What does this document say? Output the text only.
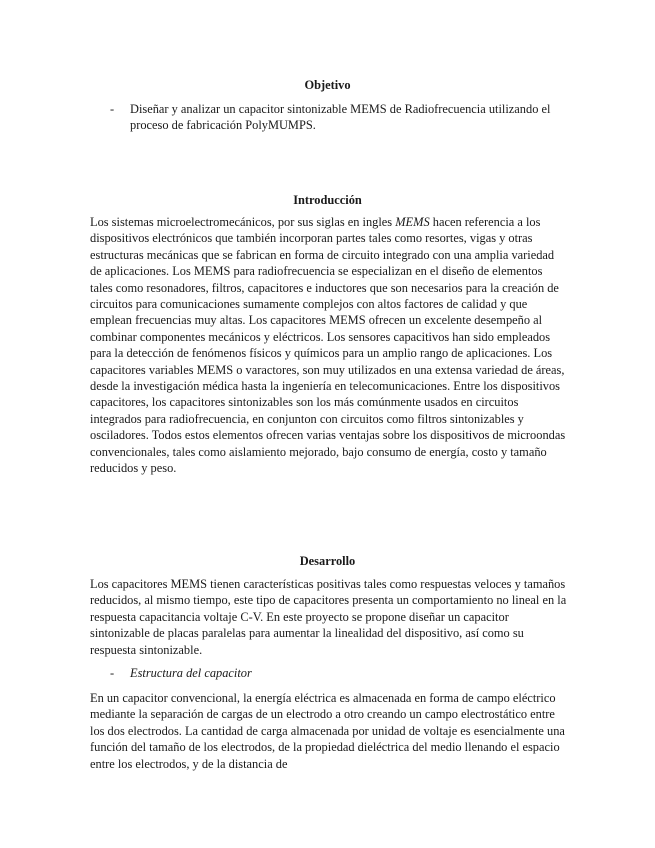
Objetivo
-	Diseñar y analizar un capacitor sintonizable MEMS de Radiofrecuencia utilizando el proceso de fabricación PolyMUMPS.
Introducción

Los sistemas microelectromecánicos, por sus siglas en ingles MEMS hacen referencia a los dispositivos electrónicos que también incorporan partes tales como resortes, vigas y otras estructuras mecánicas que se fabrican en forma de circuito integrado con una amplia variedad de aplicaciones. Los MEMS para radiofrecuencia se especializan en el diseño de elementos tales como resonadores, filtros, capacitores e inductores que son necesarios para la creación de circuitos para comunicaciones sumamente complejos con altos factores de calidad y que emplean frecuencias muy altas. Los capacitores MEMS ofrecen un excelente desempeño al combinar componentes mecánicos y eléctricos. Los sensores capacitivos han sido empleados para la detección de fenómenos físicos y químicos para un amplio rango de aplicaciones. Los capacitores variables MEMS o varactores, son muy utilizados en una extensa variedad de áreas, desde la investigación médica hasta la ingeniería en telecomunicaciones. Entre los dispositivos capacitores, los capacitores sintonizables son los más comúnmente usados en circuitos integrados para radiofrecuencia, en conjunton con circuitos como filtros sintonizables y osciladores. Todos estos elementos ofrecen varias ventajas sobre los dispositivos de microondas convencionales, tales como aislamiento mejorado, bajo consumo de energía, costo y tamaño reducidos y peso.

Desarrollo

Los capacitores MEMS tienen características positivas tales como respuestas veloces y tamaños reducidos, al mismo tiempo, este tipo de capacitores presenta un comportamiento no lineal en la respuesta capacitancia voltaje C-V. En este proyecto se propone diseñar un capacitor sintonizable de placas paralelas para aumentar la linealidad del dispositivo, así como su respuesta sintonizable.

-	Estructura del capacitor

En un capacitor convencional, la energía eléctrica es almacenada en forma de campo eléctrico mediante la separación de cargas de un electrodo a otro creando un campo electrostático entre los dos electrodos. La cantidad de carga almacenada por unidad de voltaje es esencialmente una función del tamaño de los electrodos, de la propiedad dieléctrica del medio llenando el espacio entre los electrodos, y de la distancia de
